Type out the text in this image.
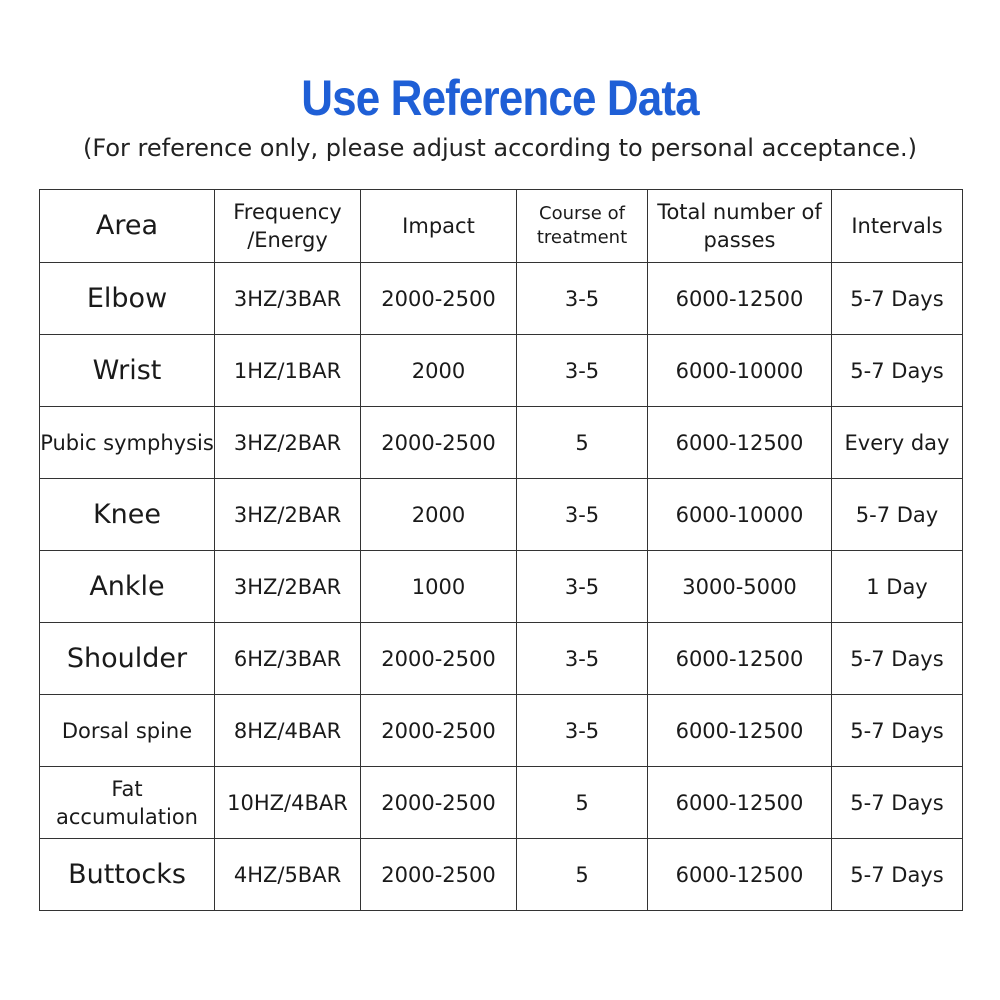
Use Reference Data
(For reference only, please adjust according to personal acceptance.)
Area	Frequency /Energy	Impact	Course of treatment	Total number of passes	Intervals
Elbow	3HZ/3BAR	2000-2500	3-5	6000-12500	5-7 Days
Wrist	1HZ/1BAR	2000	3-5	6000-10000	5-7 Days
Pubic symphysis	3HZ/2BAR	2000-2500	5	6000-12500	Every day
Knee	3HZ/2BAR	2000	3-5	6000-10000	5-7 Day
Ankle	3HZ/2BAR	1000	3-5	3000-5000	1 Day
Shoulder	6HZ/3BAR	2000-2500	3-5	6000-12500	5-7 Days
Dorsal spine	8HZ/4BAR	2000-2500	3-5	6000-12500	5-7 Days
Fat accumulation	10HZ/4BAR	2000-2500	5	6000-12500	5-7 Days
Buttocks	4HZ/5BAR	2000-2500	5	6000-12500	5-7 Days
